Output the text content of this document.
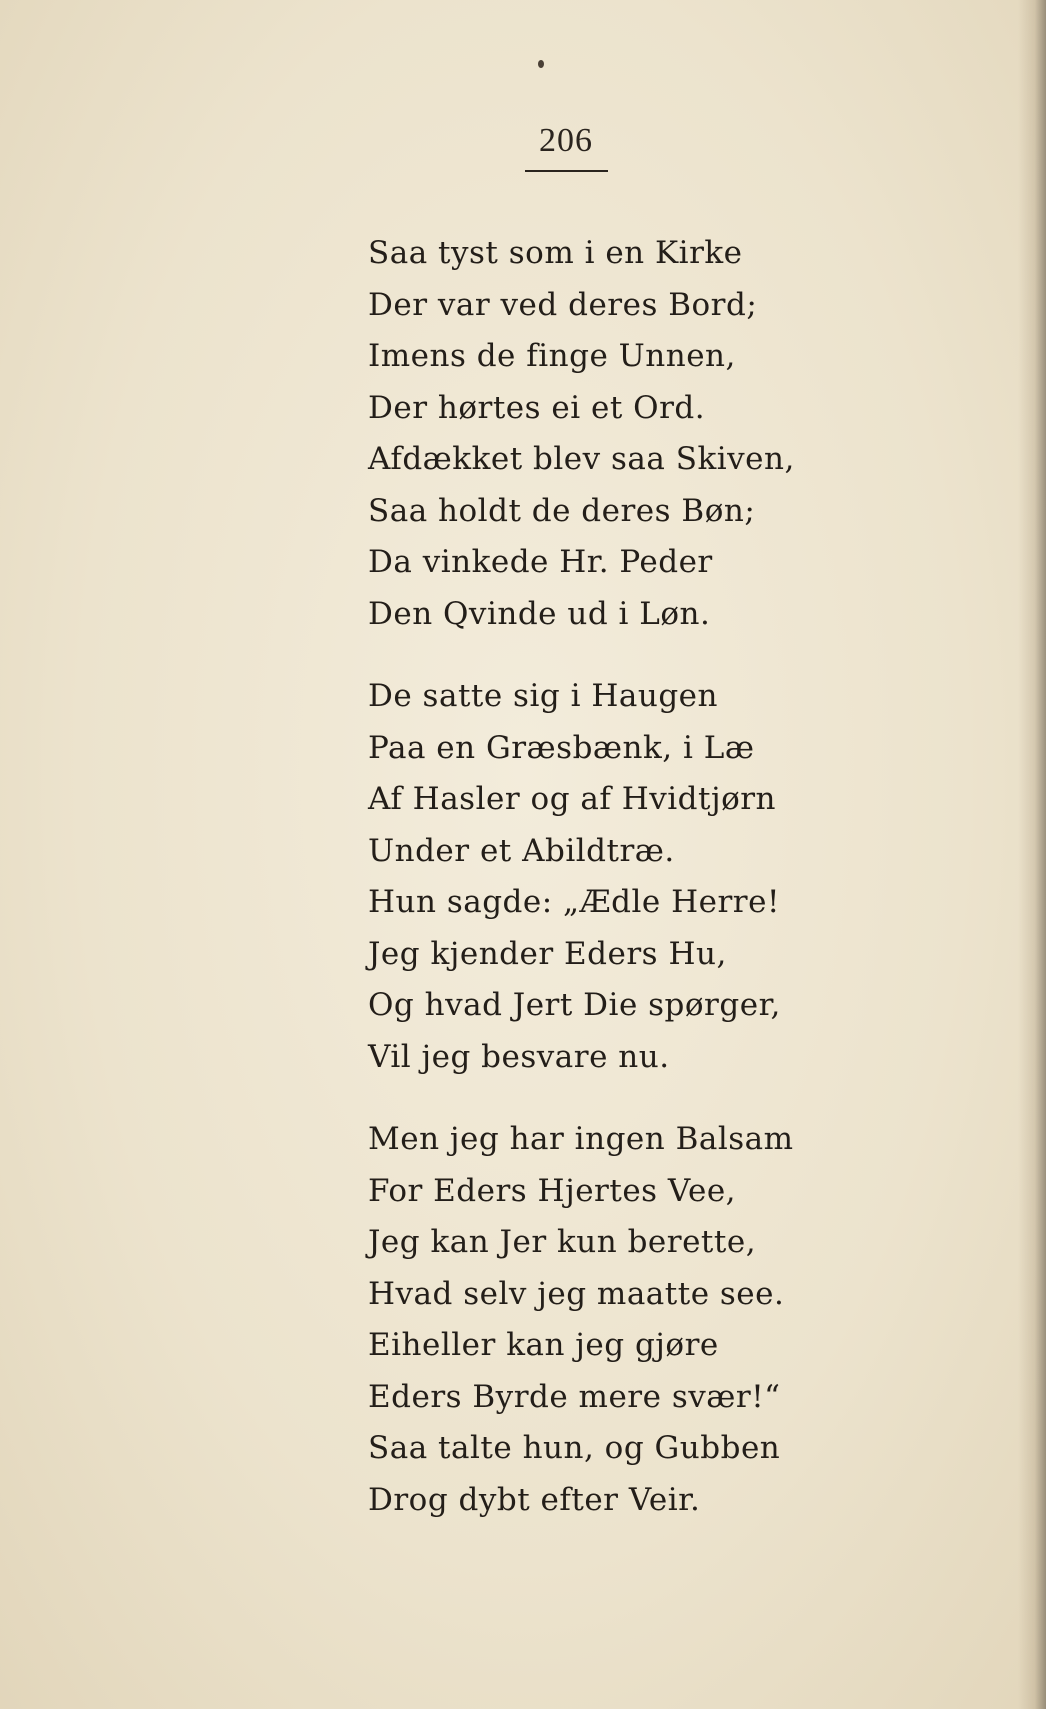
206
Saa tyst som i en Kirke
Der var ved deres Bord;
Imens de finge Unnen,
Der hørtes ei et Ord.
Afdækket blev saa Skiven,
Saa holdt de deres Bøn;
Da vinkede Hr. Peder
Den Qvinde ud i Løn.
De satte sig i Haugen
Paa en Græsbænk, i Læ
Af Hasler og af Hvidtjørn
Under et Abildtræ.
Hun sagde: „Ædle Herre!
Jeg kjender Eders Hu,
Og hvad Jert Die spørger,
Vil jeg besvare nu.
Men jeg har ingen Balsam
For Eders Hjertes Vee,
Jeg kan Jer kun berette,
Hvad selv jeg maatte see.
Eiheller kan jeg gjøre
Eders Byrde mere svær!“
Saa talte hun, og Gubben
Drog dybt efter Veir.
